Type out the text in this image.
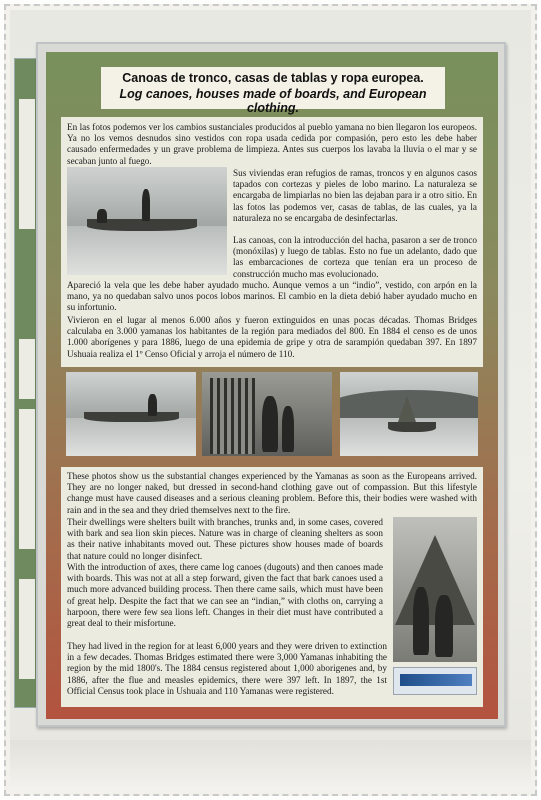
Canoas de tronco, casas de tablas y ropa europea.
Log canoes, houses made of boards, and European clothing.
En las fotos podemos ver los cambios sustanciales producidos al pueblo yamana no bien llegaron los europeos. Ya no los vemos desnudos sino vestidos con ropa usada cedida por compasión, pero esto les debe haber causado enfermedades y un grave problema de limpieza. Antes sus cuerpos los lavaba la lluvia o el mar y se secaban junto al fuego.
Sus viviendas eran refugios de ramas, troncos y en algunos casos tapados con cortezas y pieles de lobo marino. La naturaleza se encargaba de limpiarlas no bien las dejaban para ir a otro sitio. En las fotos las podemos ver, casas de tablas, de las cuales, ya la naturaleza no se encargaba de desinfectarlas.
Las canoas, con la introducción del hacha, pasaron a ser de tronco (monóxilas) y luego de tablas. Esto no fue un adelanto, dado que las embarcaciones de corteza que tenían era un proceso de construcción mucho mas evolucionado.
Apareció la vela que les debe haber ayudado mucho. Aunque vemos a un “indio”, vestido, con arpón en la mano, ya no quedaban salvo unos pocos lobos marinos. El cambio en la dieta debió haber ayudado mucho en su infortunio.
Vivieron en el lugar al menos 6.000 años y fueron extinguidos en unas pocas décadas. Thomas Bridges calculaba en 3.000 yamanas los habitantes de la región para mediados del 800. En 1884 el censo es de unos 1.000 aborígenes y para 1886, luego de una epidemia de gripe y otra de sarampión quedaban 397. En 1897 Ushuaia realiza el 1º Censo Oficial y arroja el número de 110.
These photos show us the substantial changes experienced by the Yamanas as soon as the Europeans arrived. They are no longer naked, but dressed in second-hand clothing gave out of compassion. But this lifestyle change must have caused diseases and a serious cleaning problem. Before this, their bodies were washed with rain and in the sea and they dried themselves next to the fire.
Their dwellings were shelters built with branches, trunks and, in some cases, covered with bark and sea lion skin pieces. Nature was in charge of cleaning shelters as soon as their native inhabitants moved out. These pictures show houses made of boards that nature could no longer disinfect.
With the introduction of axes, there came log canoes (dugouts) and then canoes made with boards. This was not at all a step forward, given the fact that bark canoes used a much more advanced building process. Then there came sails, which must have been of great help. Despite the fact that we can see an “indian,” with cloths on, carrying a harpoon, there were few sea lions left. Changes in their diet must have contributed a great deal to their misfortune.
They had lived in the region for at least 6,000 years and they were driven to extinction in a few decades. Thomas Bridges estimated there were 3,000 Yamanas inhabiting the region by the mid 1800's. The 1884 census registered about 1,000 aborigenes and, by 1886, after the flue and measles epidemics, there were 397 left. In 1897, the 1st Official Census took place in Ushuaia and 110 Yamanas were registered.
